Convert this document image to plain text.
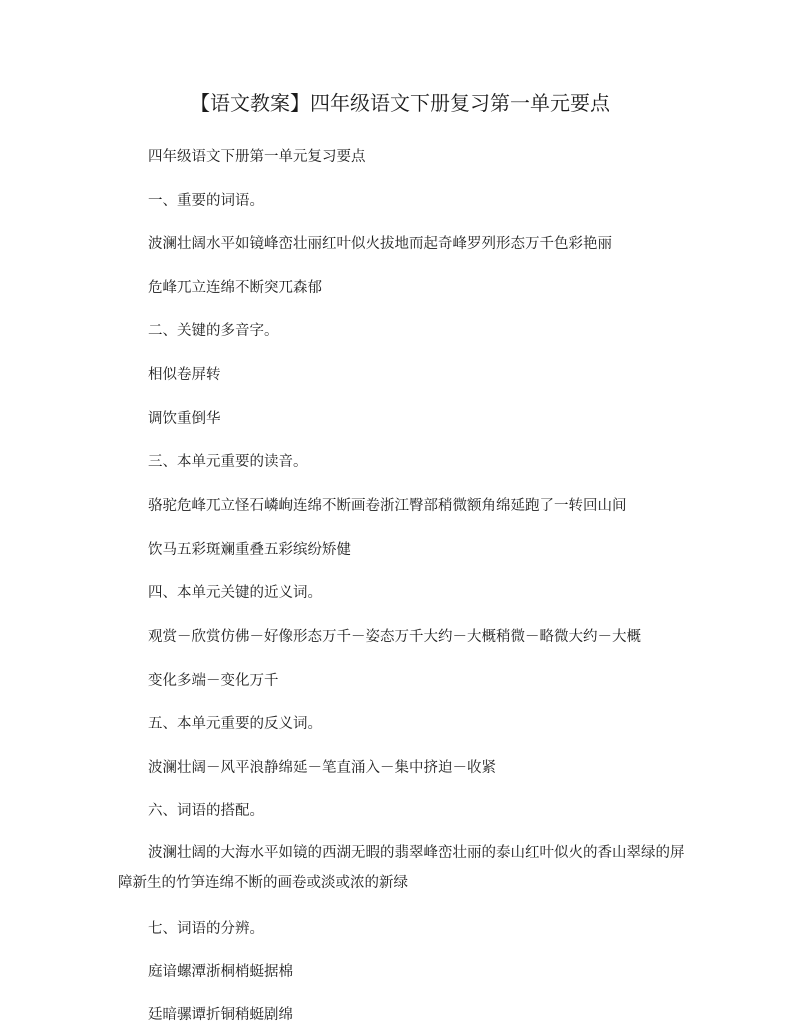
【语文教案】四年级语文下册复习第一单元要点
四年级语文下册第一单元复习要点
一、重要的词语。
波澜壮阔水平如镜峰峦壮丽红叶似火拔地而起奇峰罗列形态万千色彩艳丽
危峰兀立连绵不断突兀森郁
二、关键的多音字。
相似卷屏转
调饮重倒华
三、本单元重要的读音。
骆驼危峰兀立怪石嶙峋连绵不断画卷浙江臀部稍微额角绵延跑了一转回山间
饮马五彩斑斓重叠五彩缤纷矫健
四、本单元关键的近义词。
观赏－欣赏仿佛－好像形态万千－姿态万千大约－大概稍微－略微大约－大概
变化多端－变化万千
五、本单元重要的反义词。
波澜壮阔－风平浪静绵延－笔直涌入－集中挤迫－收紧
六、词语的搭配。
波澜壮阔的大海水平如镜的西湖无暇的翡翠峰峦壮丽的泰山红叶似火的香山翠绿的屏障新生的竹笋连绵不断的画卷或淡或浓的新绿
七、词语的分辨。
庭谙螺潭浙桐梢蜓据棉
廷暗骡谭折铜稍蜓剧绵
